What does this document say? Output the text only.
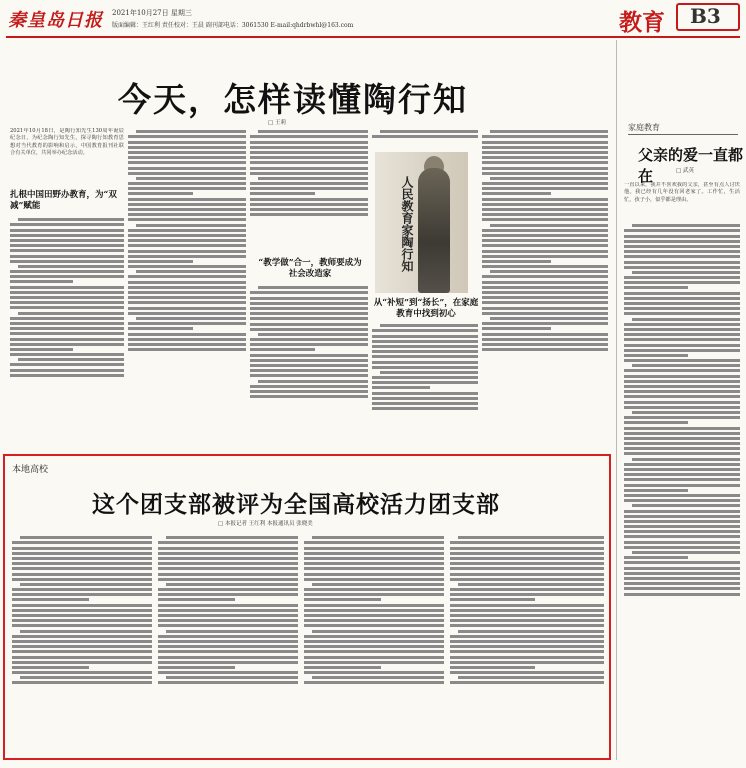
秦皇岛日报 2021年10月27日 星期三
版面编辑：王红利 责任校对：王晨 副刊部电话：3061530 E-mail:qhdrbwhl@163.com	教育 B3
今天，怎样读懂陶行知
□ 王莉
2021年10月18日，是陶行知先生130周年诞辰纪念日，为纪念陶行知先生，探寻陶行知教育思想对当代教育的影响和启示，中国教育报刊社联合有关单位，共同举办纪念活动。
扎根中国田野办教育，为“双减”赋能
“教学做”合一，教师要成为社会改造家
人民教育家陶行知
从“补短”到“扬长”，在家庭教育中找到初心
家庭教育
父亲的爱一直都在	□ 武英
一直以来，我并不喜欢我的父亲，甚至有点人讨厌他。我已经有几年没有回老家了。工作忙，生活忙，孩子小，似乎都是理由。
本地高校
这个团支部被评为全国高校活力团支部
□ 本报记者 王红利 本报通讯员 张晓美
